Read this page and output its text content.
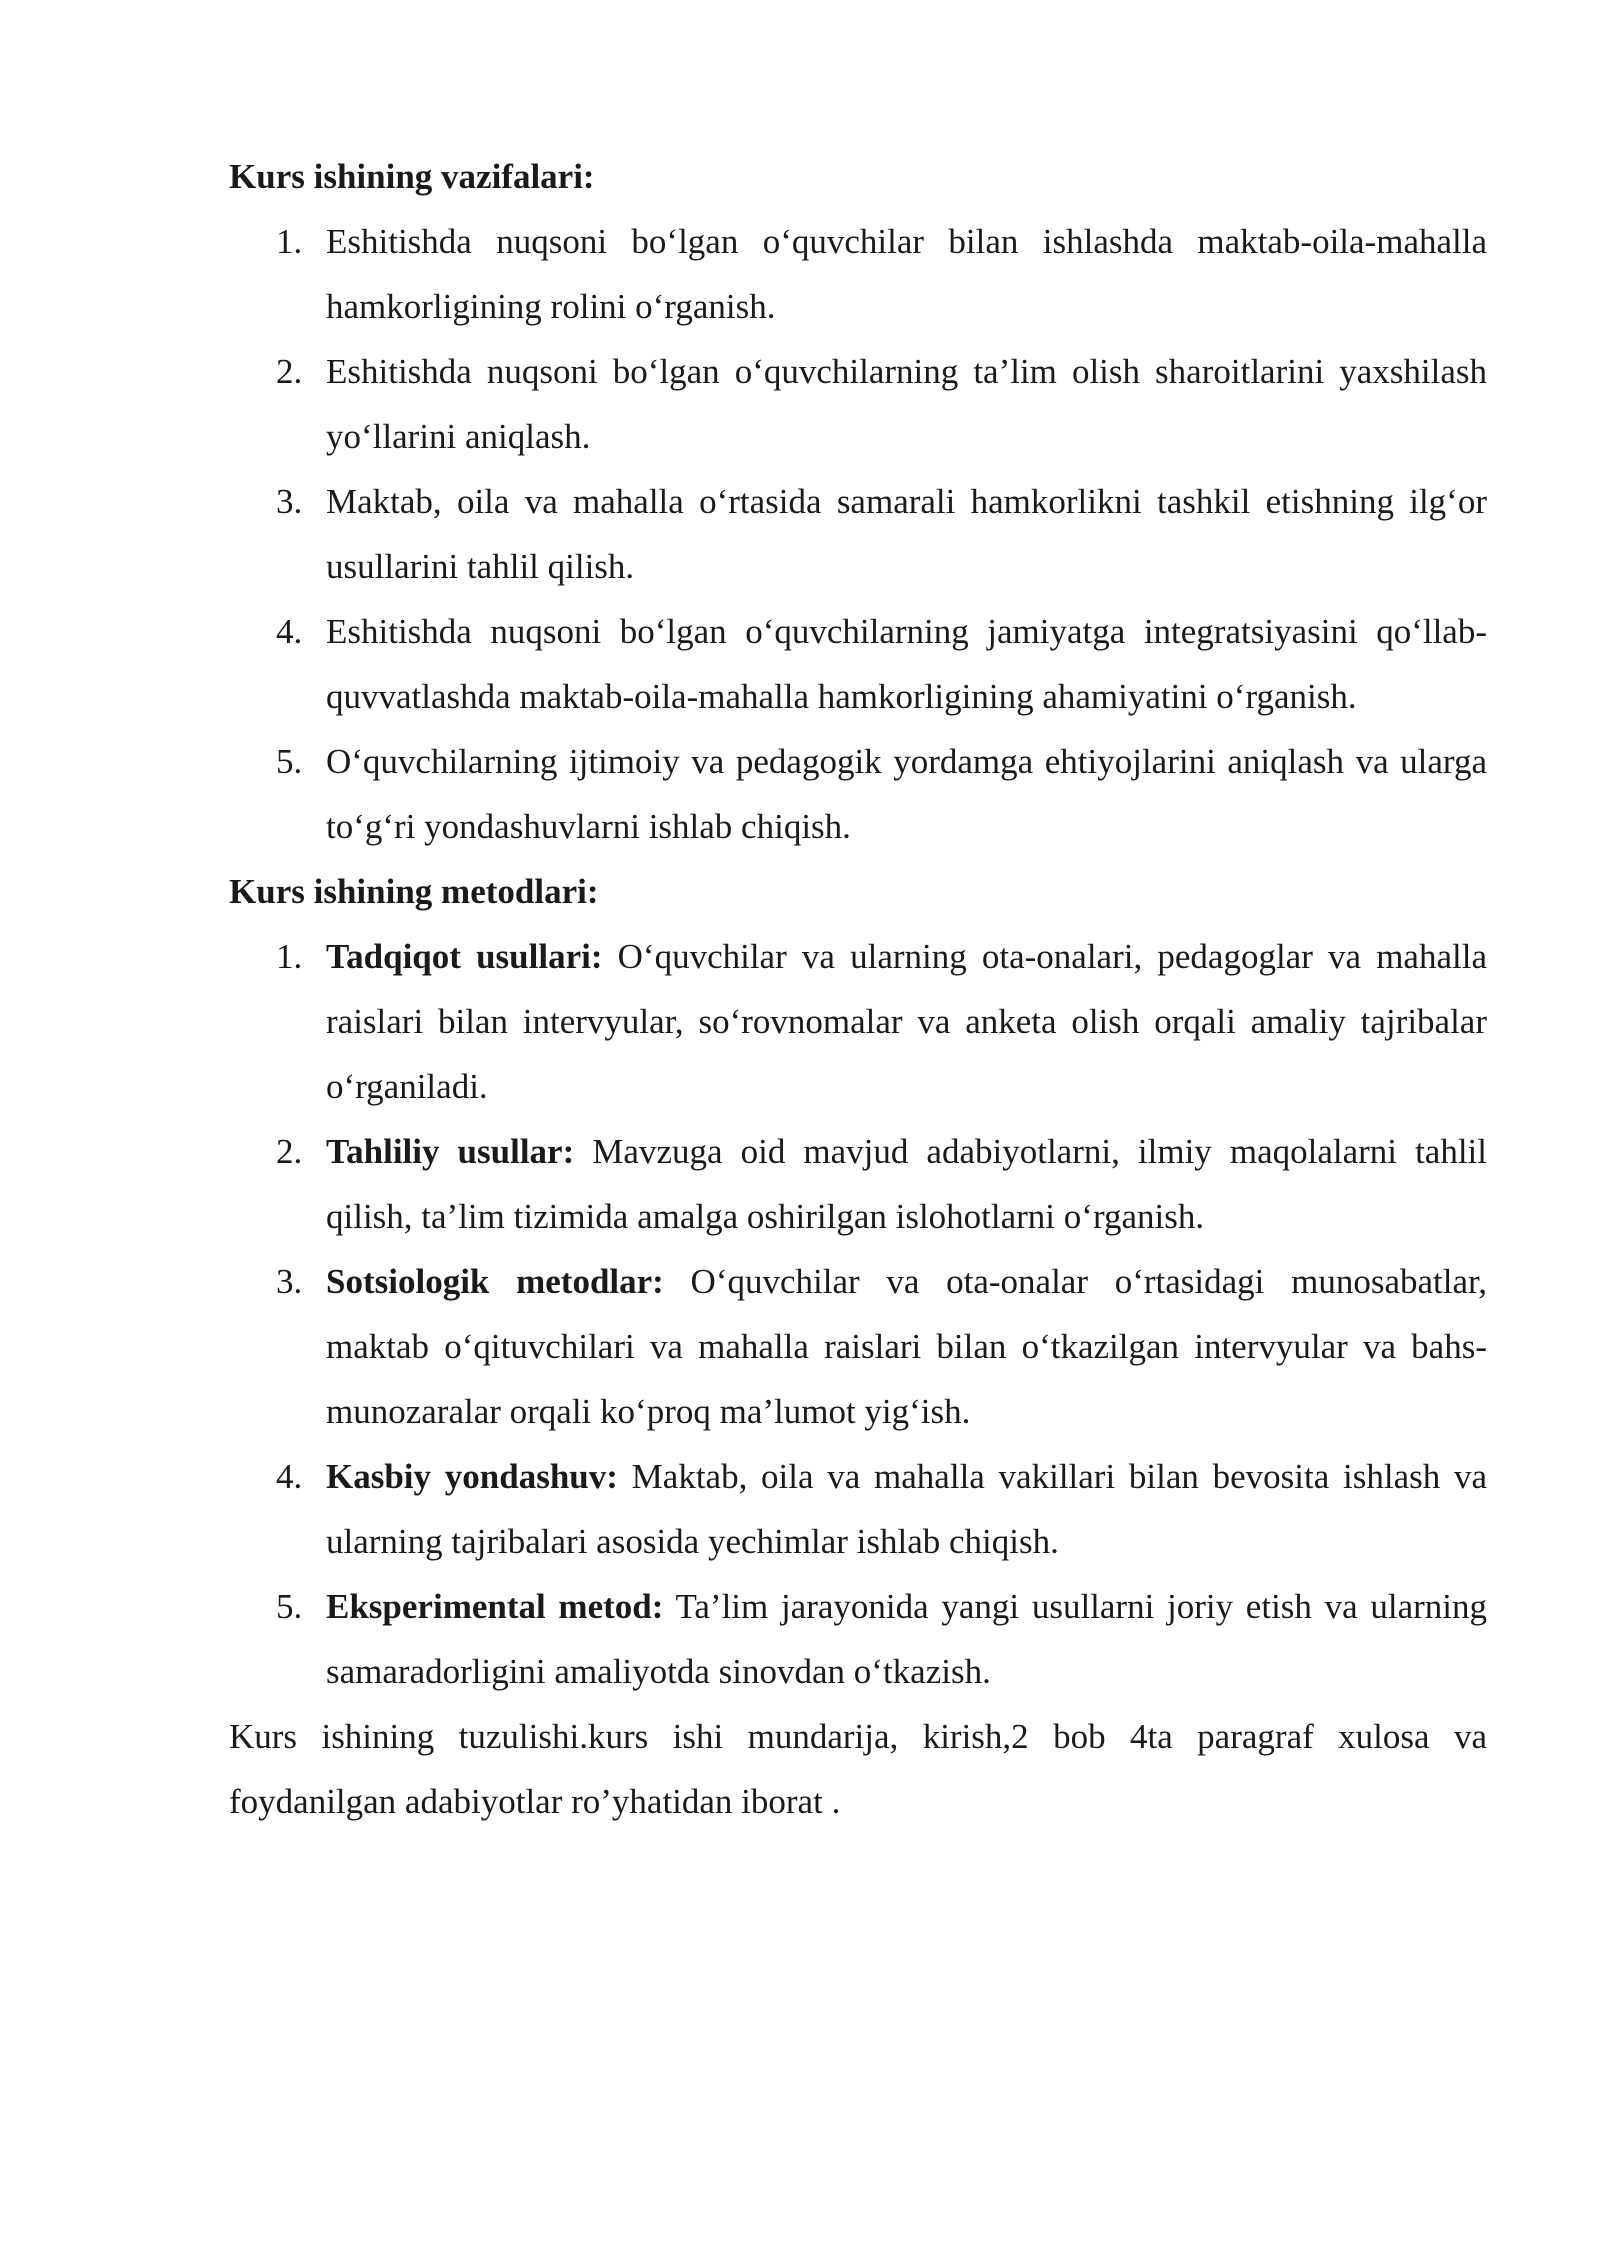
Kurs ishining vazifalari:

1. Eshitishda nuqsoni bo‘lgan o‘quvchilar bilan ishlashda maktab-oila-mahalla hamkorligining rolini o‘rganish.
2. Eshitishda nuqsoni bo‘lgan o‘quvchilarning ta’lim olish sharoitlarini yaxshilash yo‘llarini aniqlash.
3. Maktab, oila va mahalla o‘rtasida samarali hamkorlikni tashkil etishning ilg‘or usullarini tahlil qilish.
4. Eshitishda nuqsoni bo‘lgan o‘quvchilarning jamiyatga integratsiyasini qo‘llab-quvvatlashda maktab-oila-mahalla hamkorligining ahamiyatini o‘rganish.
5. O‘quvchilarning ijtimoiy va pedagogik yordamga ehtiyojlarini aniqlash va ularga to‘g‘ri yondashuvlarni ishlab chiqish.

Kurs ishining metodlari:

1. Tadqiqot usullari: O‘quvchilar va ularning ota-onalari, pedagoglar va mahalla raislari bilan intervyular, so‘rovnomalar va anketa olish orqali amaliy tajribalar o‘rganiladi.
2. Tahliliy usullar: Mavzuga oid mavjud adabiyotlarni, ilmiy maqolalarni tahlil qilish, ta’lim tizimida amalga oshirilgan islohotlarni o‘rganish.
3. Sotsiologik metodlar: O‘quvchilar va ota-onalar o‘rtasidagi munosabatlar, maktab o‘qituvchilari va mahalla raislari bilan o‘tkazilgan intervyular va bahs-munozaralar orqali ko‘proq ma’lumot yig‘ish.
4. Kasbiy yondashuv: Maktab, oila va mahalla vakillari bilan bevosita ishlash va ularning tajribalari asosida yechimlar ishlab chiqish.
5. Eksperimental metod: Ta’lim jarayonida yangi usullarni joriy etish va ularning samaradorligini amaliyotda sinovdan o‘tkazish.

Kurs ishining tuzulishi.kurs ishi mundarija, kirish,2 bob 4ta paragraf xulosa va foydanilgan adabiyotlar ro’yhatidan iborat .
